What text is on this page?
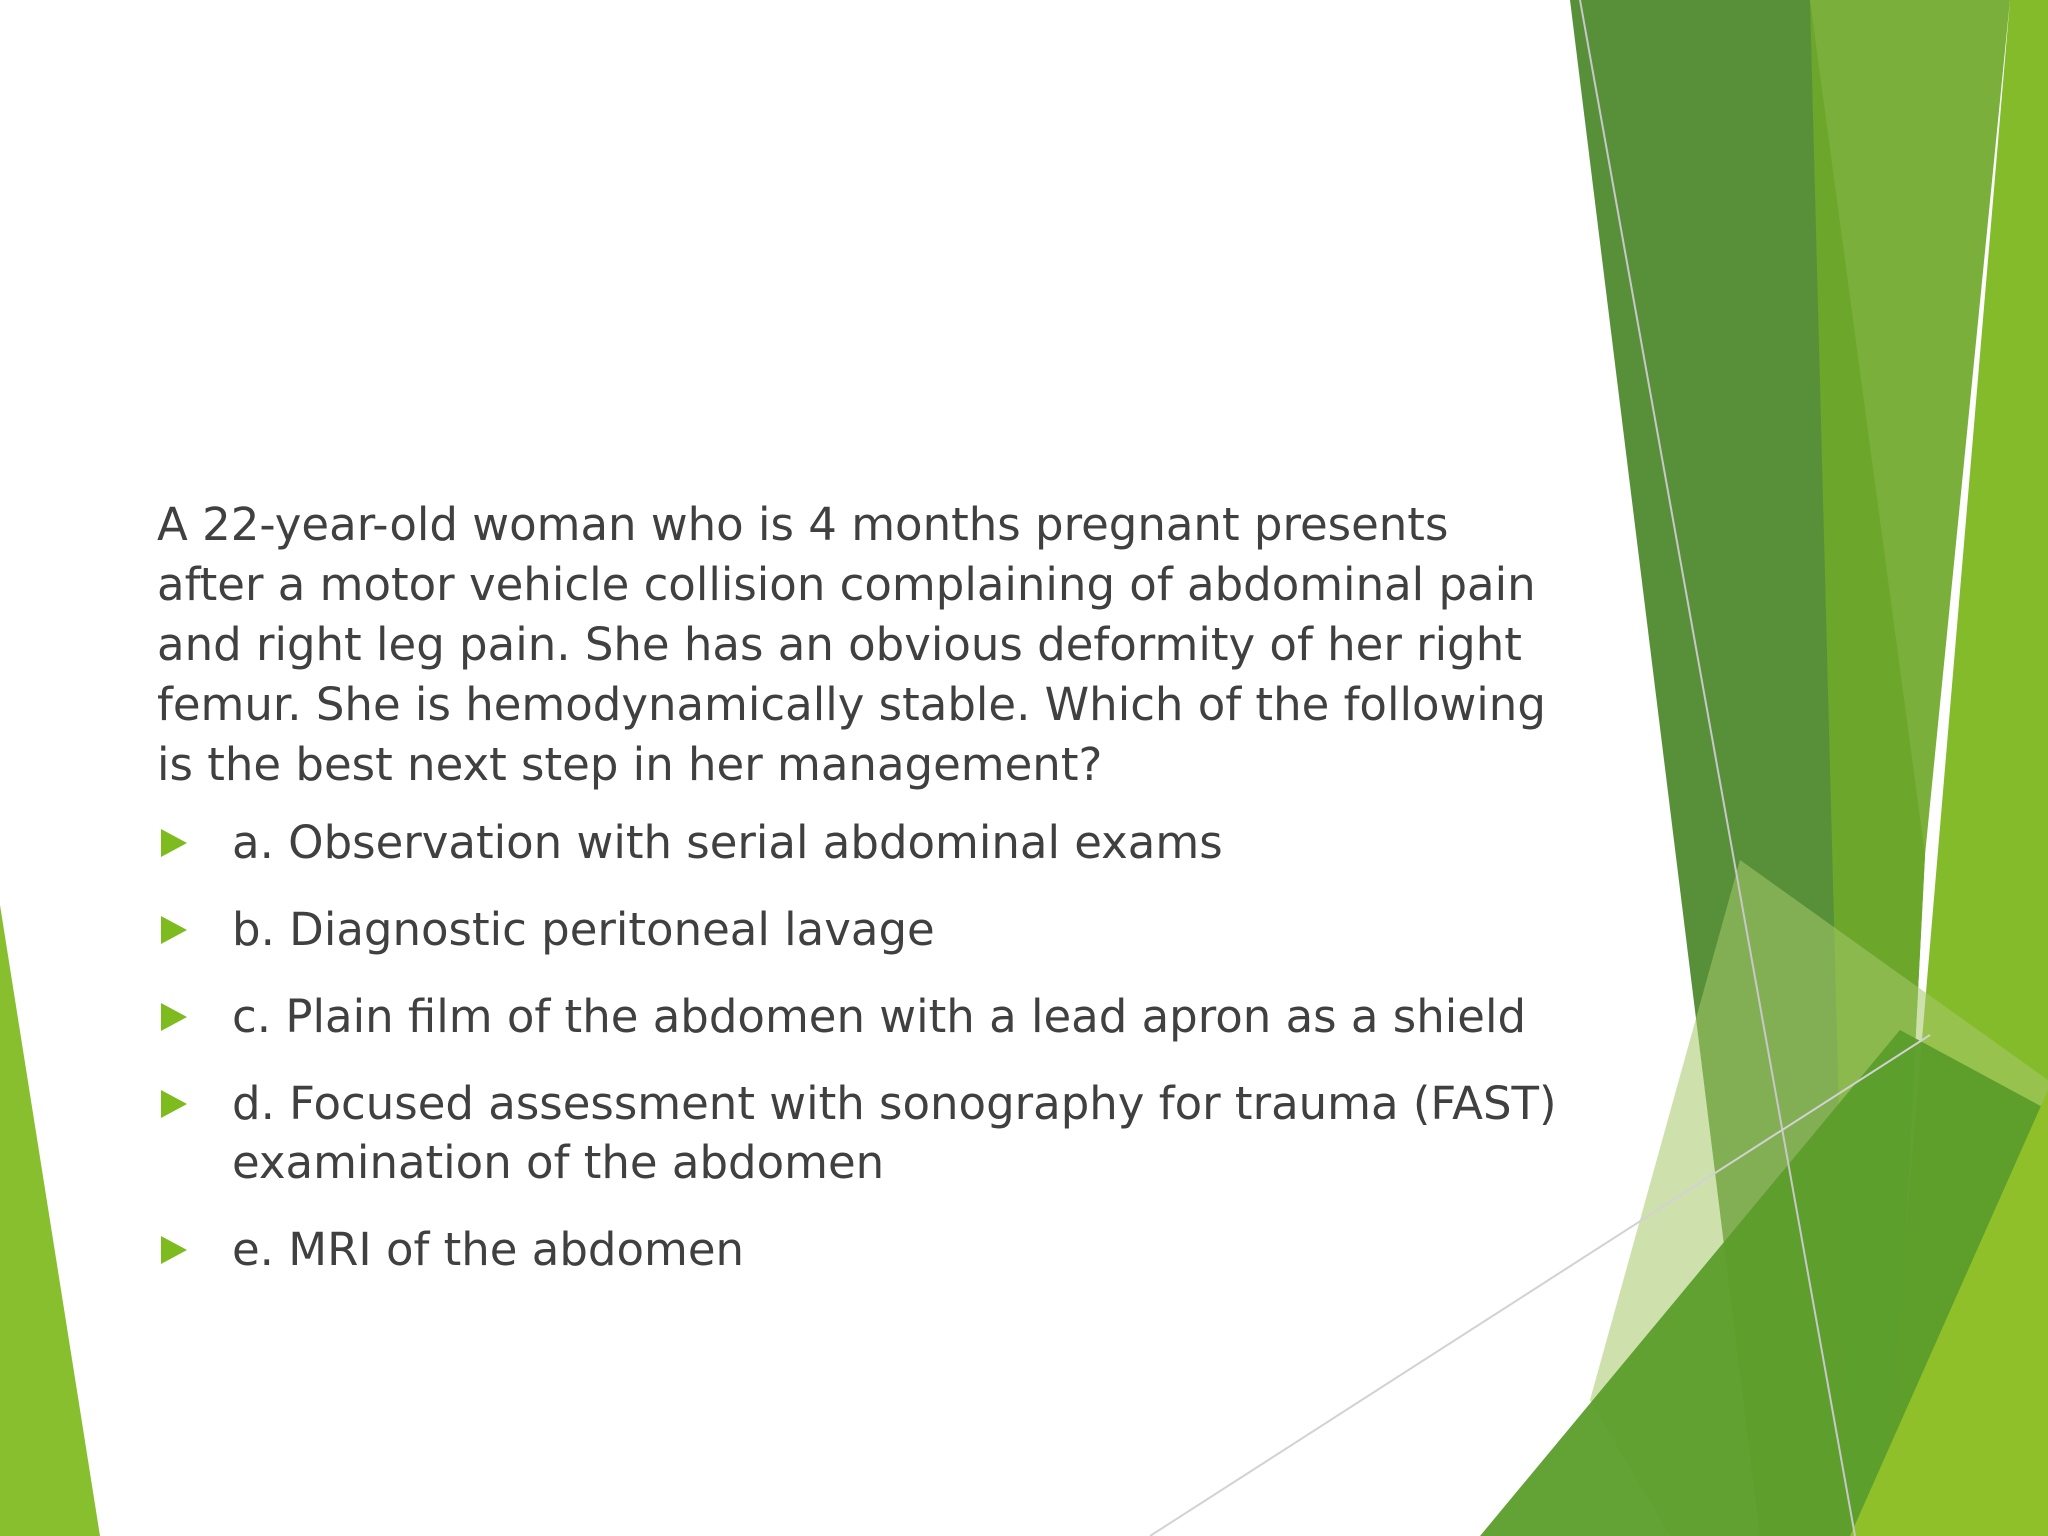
A 22-year-old woman who is 4 months pregnant presents after a motor vehicle collision complaining of abdominal pain and right leg pain. She has an obvious deformity of her right femur. She is hemodynamically stable. Which of the following is the best next step in her management?

a. Observation with serial abdominal exams
b. Diagnostic peritoneal lavage
c. Plain film of the abdomen with a lead apron as a shield
d. Focused assessment with sonography for trauma (FAST) examination of the abdomen
e. MRI of the abdomen
